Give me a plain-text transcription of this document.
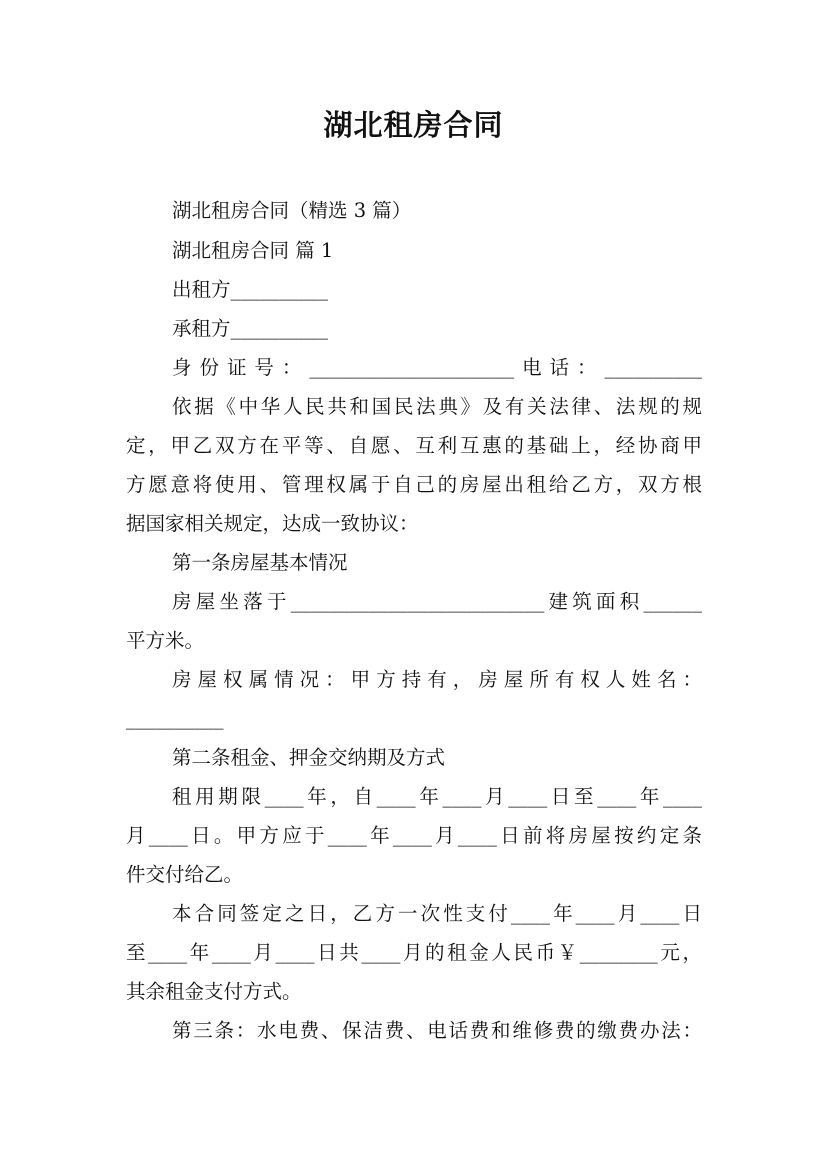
湖北租房合同
湖北租房合同（精选 3 篇）
湖北租房合同 篇 1
出租方__________
承租方__________
身份证号：_____________________电话：__________
依据《中华人民共和国民法典》及有关法律、法规的规
定，甲乙双方在平等、自愿、互利互惠的基础上，经协商甲
方愿意将使用、管理权属于自己的房屋出租给乙方，双方根
据国家相关规定，达成一致协议：
第一条房屋基本情况
房屋坐落于__________________________建筑面积______
平方米。
房屋权属情况：甲方持有，房屋所有权人姓名：
__________
第二条租金、押金交纳期及方式
租用期限____年，自____年____月____日至____年____
月____日。甲方应于____年____月____日前将房屋按约定条
件交付给乙。
本合同签定之日，乙方一次性支付____年____月____日
至____年____月____日共____月的租金人民币￥________元，
其余租金支付方式。
第三条：水电费、保洁费、电话费和维修费的缴费办法：
